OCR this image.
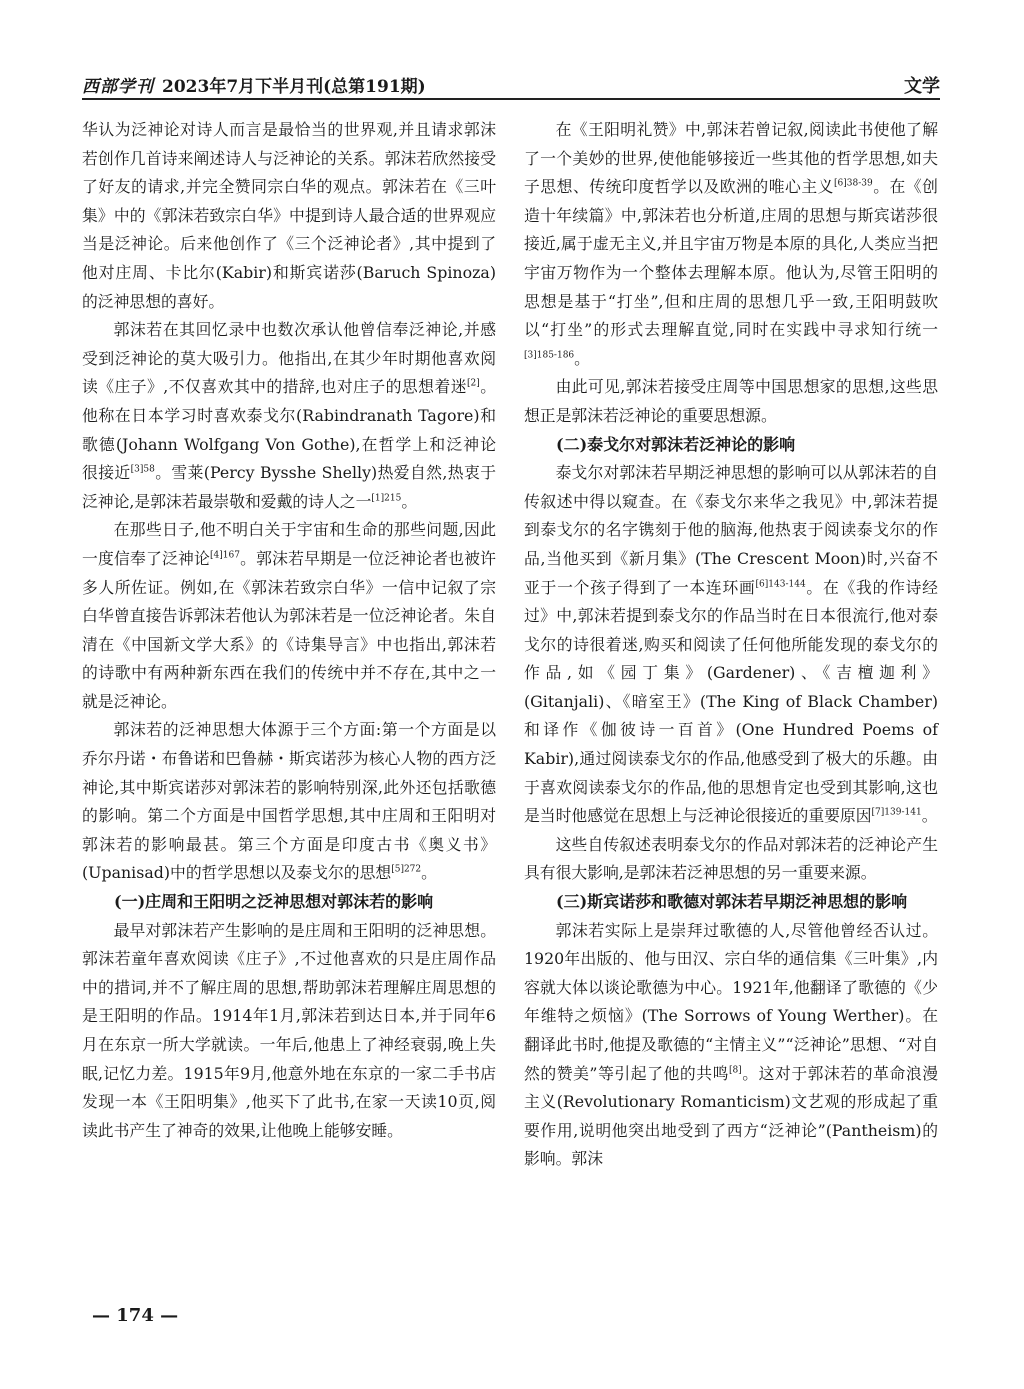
西部学刊 2023年7月下半月刊(总第191期)	文学

华认为泛神论对诗人而言是最恰当的世界观,并且请求郭沫若创作几首诗来阐述诗人与泛神论的关系。郭沫若欣然接受了好友的请求,并完全赞同宗白华的观点。郭沫若在《三叶集》中的《郭沫若致宗白华》中提到诗人最合适的世界观应当是泛神论。后来他创作了《三个泛神论者》,其中提到了他对庄周、卡比尔(Kabir)和斯宾诺莎(Baruch Spinoza)的泛神思想的喜好。

郭沫若在其回忆录中也数次承认他曾信奉泛神论,并感受到泛神论的莫大吸引力。他指出,在其少年时期他喜欢阅读《庄子》,不仅喜欢其中的措辞,也对庄子的思想着迷[2]。他称在日本学习时喜欢泰戈尔(Rabindranath Tagore)和歌德(Johann Wolfgang Von Gothe),在哲学上和泛神论很接近$^{[3]58}$。雪莱(Percy Bysshe Shelly)热爱自然,热衷于泛神论,是郭沫若最崇敬和爱戴的诗人之一$^{[1]215}$。

在那些日子,他不明白关于宇宙和生命的那些问题,因此一度信奉了泛神论$^{[4]167}$。郭沫若早期是一位泛神论者也被许多人所佐证。例如,在《郭沫若致宗白华》一信中记叙了宗白华曾直接告诉郭沫若他认为郭沫若是一位泛神论者。朱自清在《中国新文学大系》的《诗集导言》中也指出,郭沫若的诗歌中有两种新东西在我们的传统中并不存在,其中之一就是泛神论。

郭沫若的泛神思想大体源于三个方面:第一个方面是以乔尔丹诺・布鲁诺和巴鲁赫・斯宾诺莎为核心人物的西方泛神论,其中斯宾诺莎对郭沫若的影响特别深,此外还包括歌德的影响。第二个方面是中国哲学思想,其中庄周和王阳明对郭沫若的影响最甚。第三个方面是印度古书《奥义书》(Upanisad)中的哲学思想以及泰戈尔的思想$^{[5]272}$。

(一)庄周和王阳明之泛神思想对郭沫若的影响

最早对郭沫若产生影响的是庄周和王阳明的泛神思想。郭沫若童年喜欢阅读《庄子》,不过他喜欢的只是庄周作品中的措词,并不了解庄周的思想,帮助郭沫若理解庄周思想的是王阳明的作品。1914年1月,郭沫若到达日本,并于同年6月在东京一所大学就读。一年后,他患上了神经衰弱,晚上失眠,记忆力差。1915年9月,他意外地在东京的一家二手书店发现一本《王阳明集》,他买下了此书,在家一天读10页,阅读此书产生了神奇的效果,让他晚上能够安睡。

在《王阳明礼赞》中,郭沫若曾记叙,阅读此书使他了解了一个美妙的世界,使他能够接近一些其他的哲学思想,如夫子思想、传统印度哲学以及欧洲的唯心主义$^{[6]38-39}$。在《创造十年续篇》中,郭沫若也分析道,庄周的思想与斯宾诺莎很接近,属于虚无主义,并且宇宙万物是本原的具化,人类应当把宇宙万物作为一个整体去理解本原。他认为,尽管王阳明的思想是基于“打坐”,但和庄周的思想几乎一致,王阳明鼓吹以“打坐”的形式去理解直觉,同时在实践中寻求知行统一$^{[3]185-186}$。

由此可见,郭沫若接受庄周等中国思想家的思想,这些思想正是郭沫若泛神论的重要思想源。

(二)泰戈尔对郭沫若泛神论的影响

泰戈尔对郭沫若早期泛神思想的影响可以从郭沫若的自传叙述中得以窥查。在《泰戈尔来华之我见》中,郭沫若提到泰戈尔的名字镌刻于他的脑海,他热衷于阅读泰戈尔的作品,当他买到《新月集》(The Crescent Moon)时,兴奋不亚于一个孩子得到了一本连环画$^{[6]143-144}$。在《我的作诗经过》中,郭沫若提到泰戈尔的作品当时在日本很流行,他对泰戈尔的诗很着迷,购买和阅读了任何他所能发现的泰戈尔的作品,如《园丁集》(Gardener)、《吉檀迦利》(Gitanjali)、《暗室王》(The King of Black Chamber)和译作《伽彼诗一百首》(One Hundred Poems of Kabir),通过阅读泰戈尔的作品,他感受到了极大的乐趣。由于喜欢阅读泰戈尔的作品,他的思想肯定也受到其影响,这也是当时他感觉在思想上与泛神论很接近的重要原因$^{[7]139-141}$。

这些自传叙述表明泰戈尔的作品对郭沫若的泛神论产生具有很大影响,是郭沫若泛神思想的另一重要来源。

(三)斯宾诺莎和歌德对郭沫若早期泛神思想的影响

郭沫若实际上是崇拜过歌德的人,尽管他曾经否认过。1920年出版的、他与田汉、宗白华的通信集《三叶集》,内容就大体以谈论歌德为中心。1921年,他翻译了歌德的《少年维特之烦恼》(The Sorrows of Young Werther)。在翻译此书时,他提及歌德的“主情主义”“泛神论”思想、“对自然的赞美”等引起了他的共鸣[8]。这对于郭沫若的革命浪漫主义(Revolutionary Romanticism)文艺观的形成起了重要作用,说明他突出地受到了西方“泛神论”(Pantheism)的影响。郭沫

— 174 —
